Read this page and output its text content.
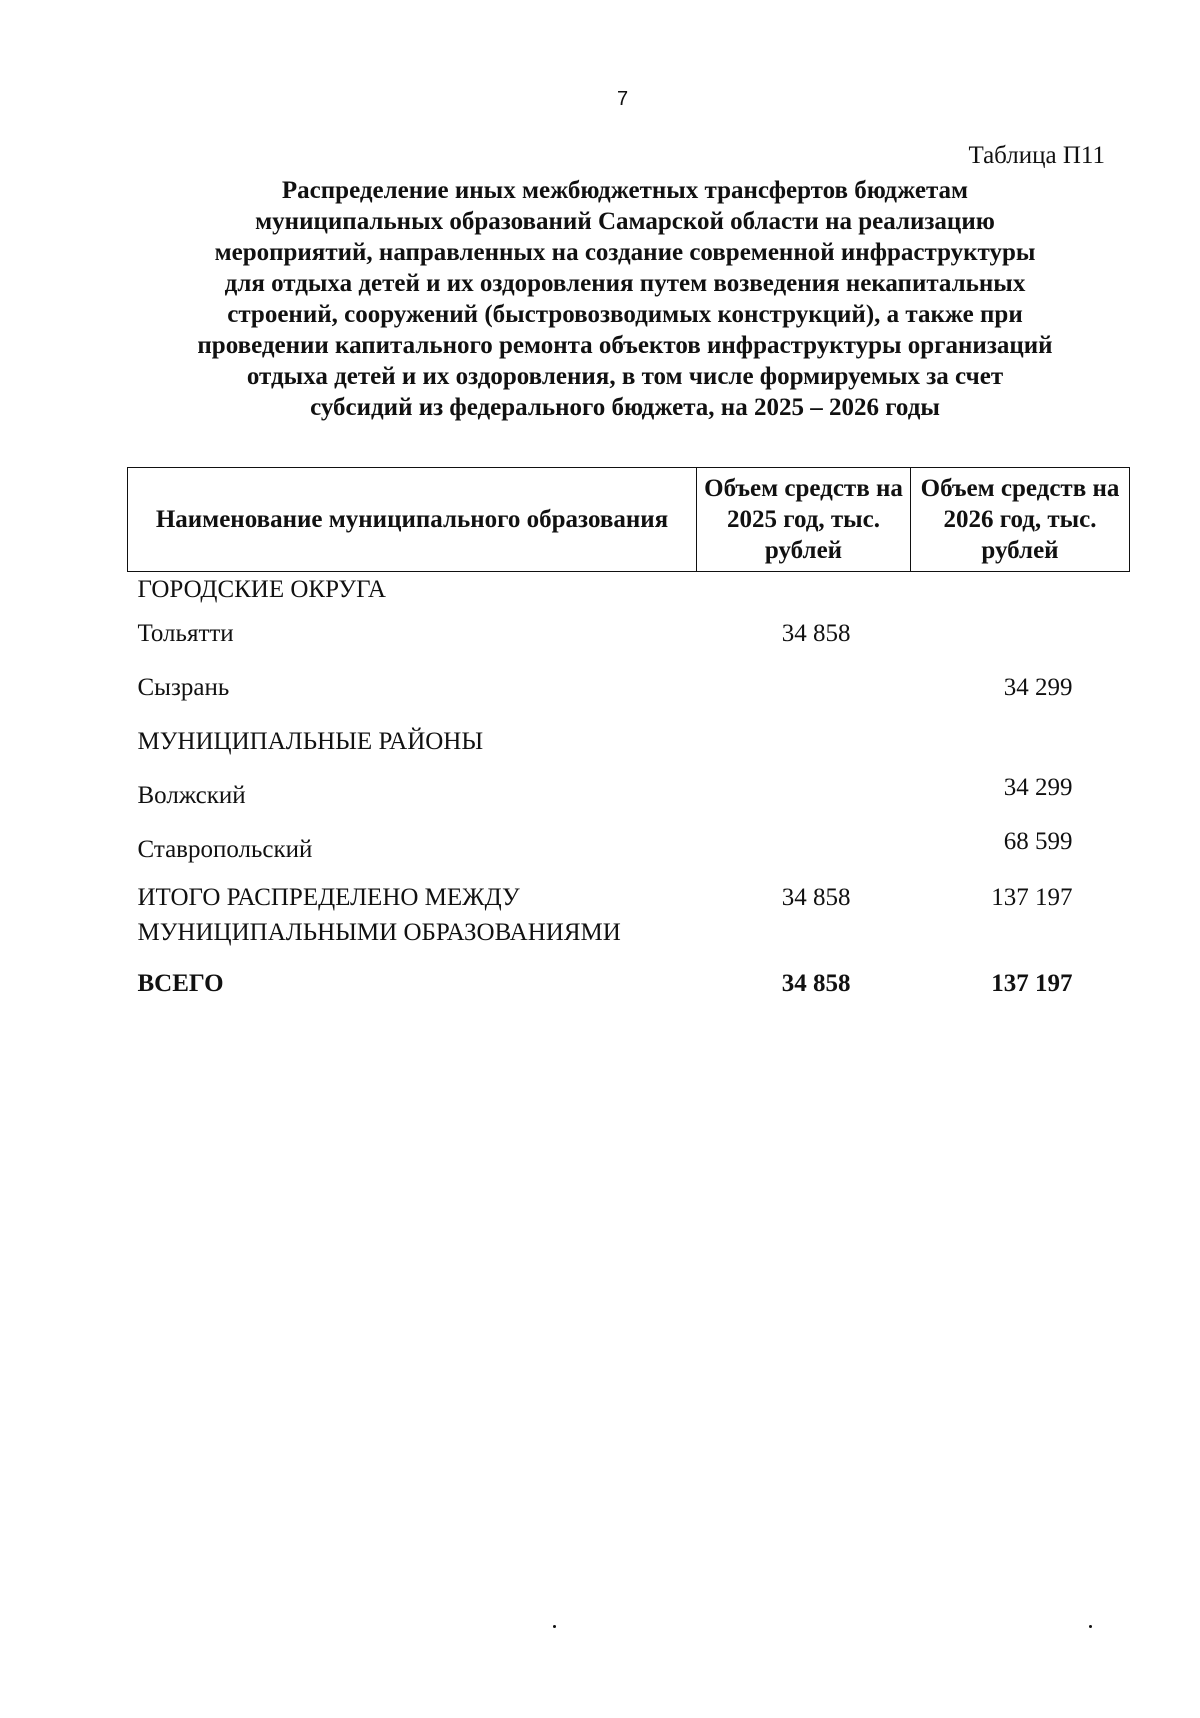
7
Таблица П11
Распределение иных межбюджетных трансфертов бюджетам
муниципальных образований Самарской области на реализацию
мероприятий, направленных на создание современной инфраструктуры
для отдыха детей и их оздоровления путем возведения некапитальных
строений, сооружений (быстровозводимых конструкций), а также при
проведении капитального ремонта объектов инфраструктуры организаций
отдыха детей и их оздоровления, в том числе формируемых за счет
субсидий из федерального бюджета, на 2025 – 2026 годы
Наименование муниципального образования	Объем средств на 2025 год, тыс. рублей	Объем средств на 2026 год, тыс. рублей
ГОРОДСКИЕ ОКРУГА		
Тольятти	34 858	
Сызрань		34 299
МУНИЦИПАЛЬНЫЕ РАЙОНЫ		
Волжский		34 299
Ставропольский		68 599

ИТОГО РАСПРЕДЕЛЕНО МЕЖДУ
МУНИЦИПАЛЬНЫМИ ОБРАЗОВАНИЯМИ	34 858	137 197
ВСЕГО	34 858	137 197
